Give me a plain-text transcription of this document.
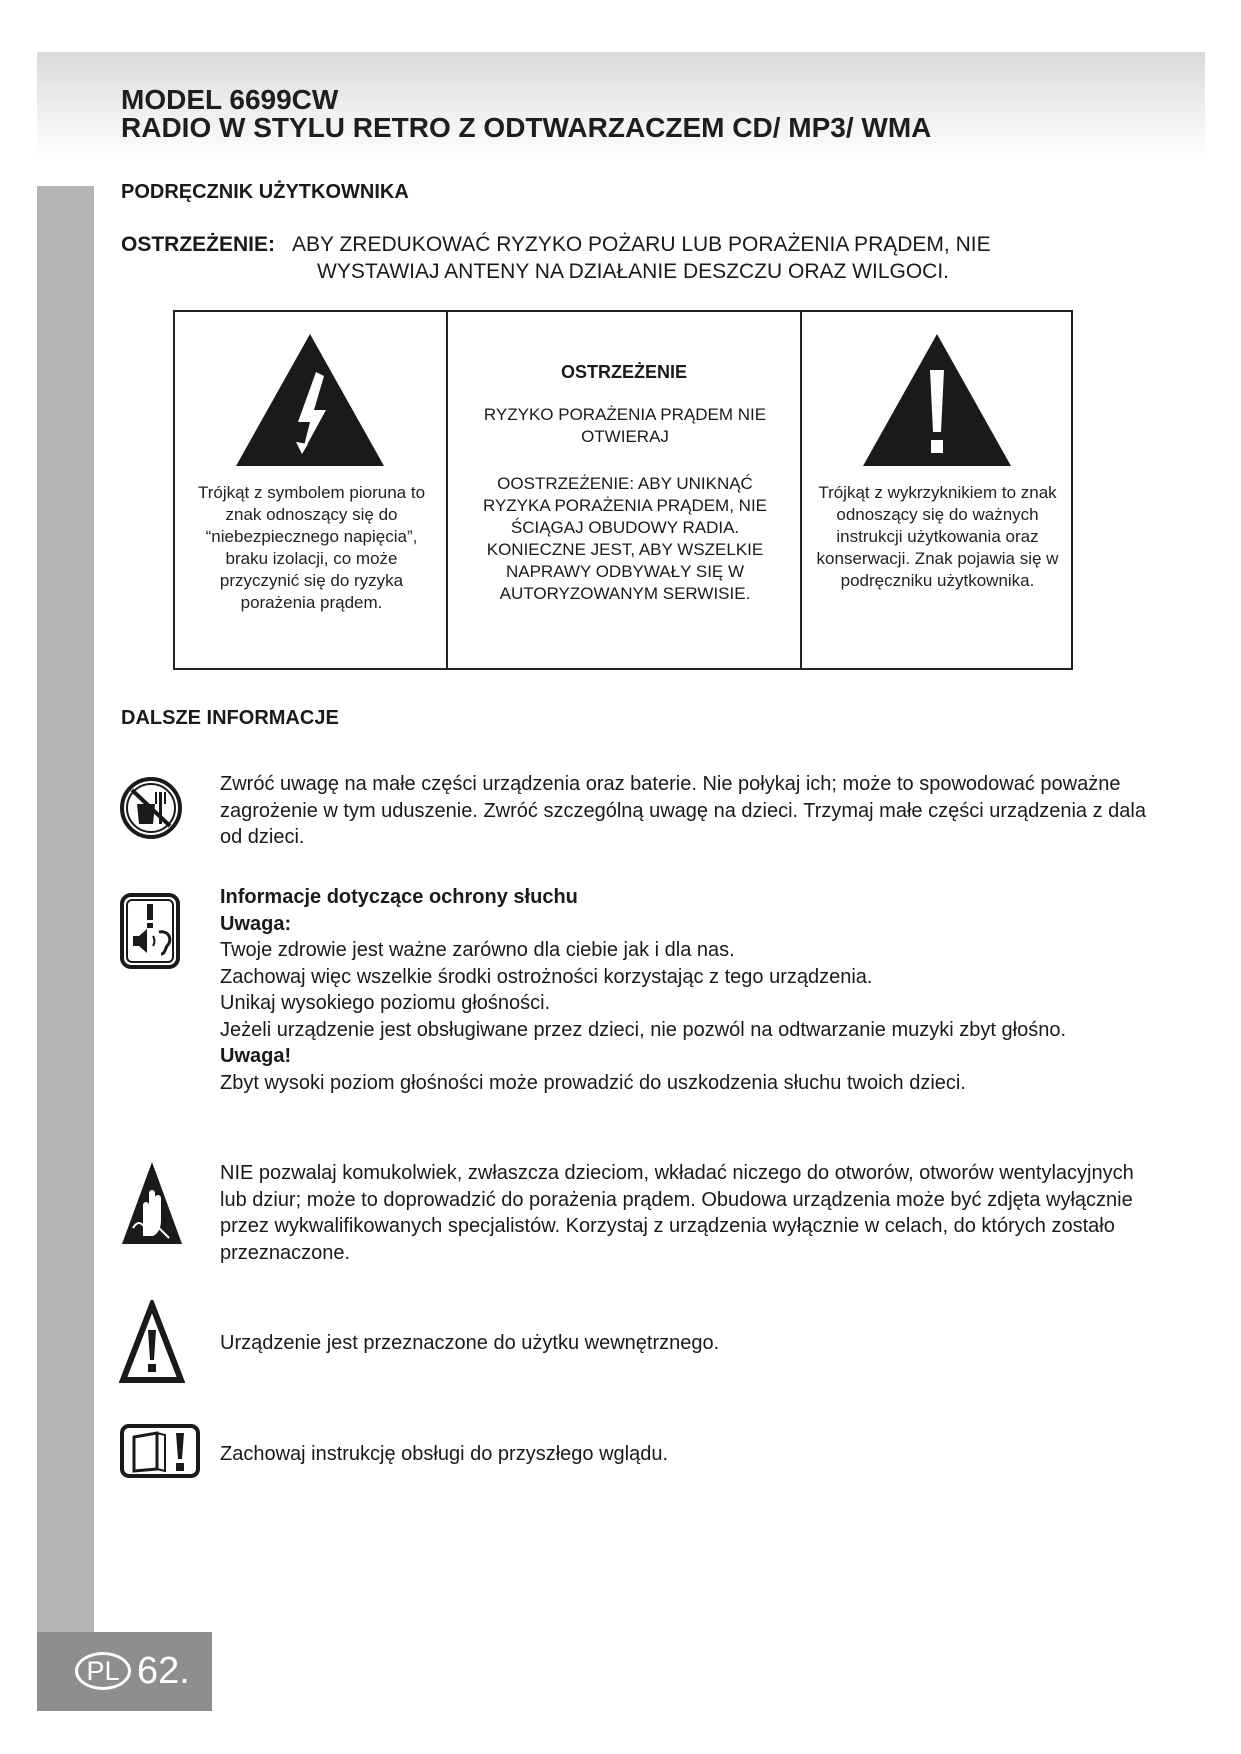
MODEL 6699CW
RADIO W STYLU RETRO Z ODTWARZACZEM CD/ MP3/ WMA
PODRĘCZNIK UŻYTKOWNIKA
OSTRZEŻENIE: ABY ZREDUKOWAĆ RYZYKO POŻARU LUB PORAŻENIA PRĄDEM, NIE
WYSTAWIAJ ANTENY NA DZIAŁANIE DESZCZU ORAZ WILGOCI.
Trójkąt z symbolem pioruna to znak odnoszący się do “niebezpiecznego napięcia”, braku izolacji, co może przyczynić się do ryzyka porażenia prądem.
OSTRZEŻENIE
RYZYKO PORAŻENIA PRĄDEM NIE OTWIERAJ
OOSTRZEŻENIE: ABY UNIKNĄĆ RYZYKA PORAŻENIA PRĄDEM, NIE ŚCIĄGAJ OBUDOWY RADIA. KONIECZNE JEST, ABY WSZELKIE NAPRAWY ODBYWAŁY SIĘ W AUTORYZOWANYM SERWISIE.
Trójkąt z wykrzyknikiem to znak odnoszący się do ważnych instrukcji użytkowania oraz konserwacji. Znak pojawia się w podręczniku użytkownika.
DALSZE INFORMACJE
Zwróć uwagę na małe części urządzenia oraz baterie. Nie połykaj ich; może to spowodować poważne zagrożenie w tym uduszenie. Zwróć szczególną uwagę na dzieci. Trzymaj małe części urządzenia z dala od dzieci.
Informacje dotyczące ochrony słuchu
Uwaga:
Twoje zdrowie jest ważne zarówno dla ciebie jak i dla nas.
Zachowaj więc wszelkie środki ostrożności korzystając z tego urządzenia.
Unikaj wysokiego poziomu głośności.
Jeżeli urządzenie jest obsługiwane przez dzieci, nie pozwól na odtwarzanie muzyki zbyt głośno.
Uwaga!
Zbyt wysoki poziom głośności może prowadzić do uszkodzenia słuchu twoich dzieci.
NIE pozwalaj komukolwiek, zwłaszcza dzieciom, wkładać niczego do otworów, otworów wentylacyjnych lub dziur; może to doprowadzić do porażenia prądem. Obudowa urządzenia może być zdjęta wyłącznie przez wykwalifikowanych specjalistów. Korzystaj z urządzenia wyłącznie w celach, do których zostało przeznaczone.
Urządzenie jest przeznaczone do użytku wewnętrznego.
Zachowaj instrukcję obsługi do przyszłego wglądu.
PL 62.
